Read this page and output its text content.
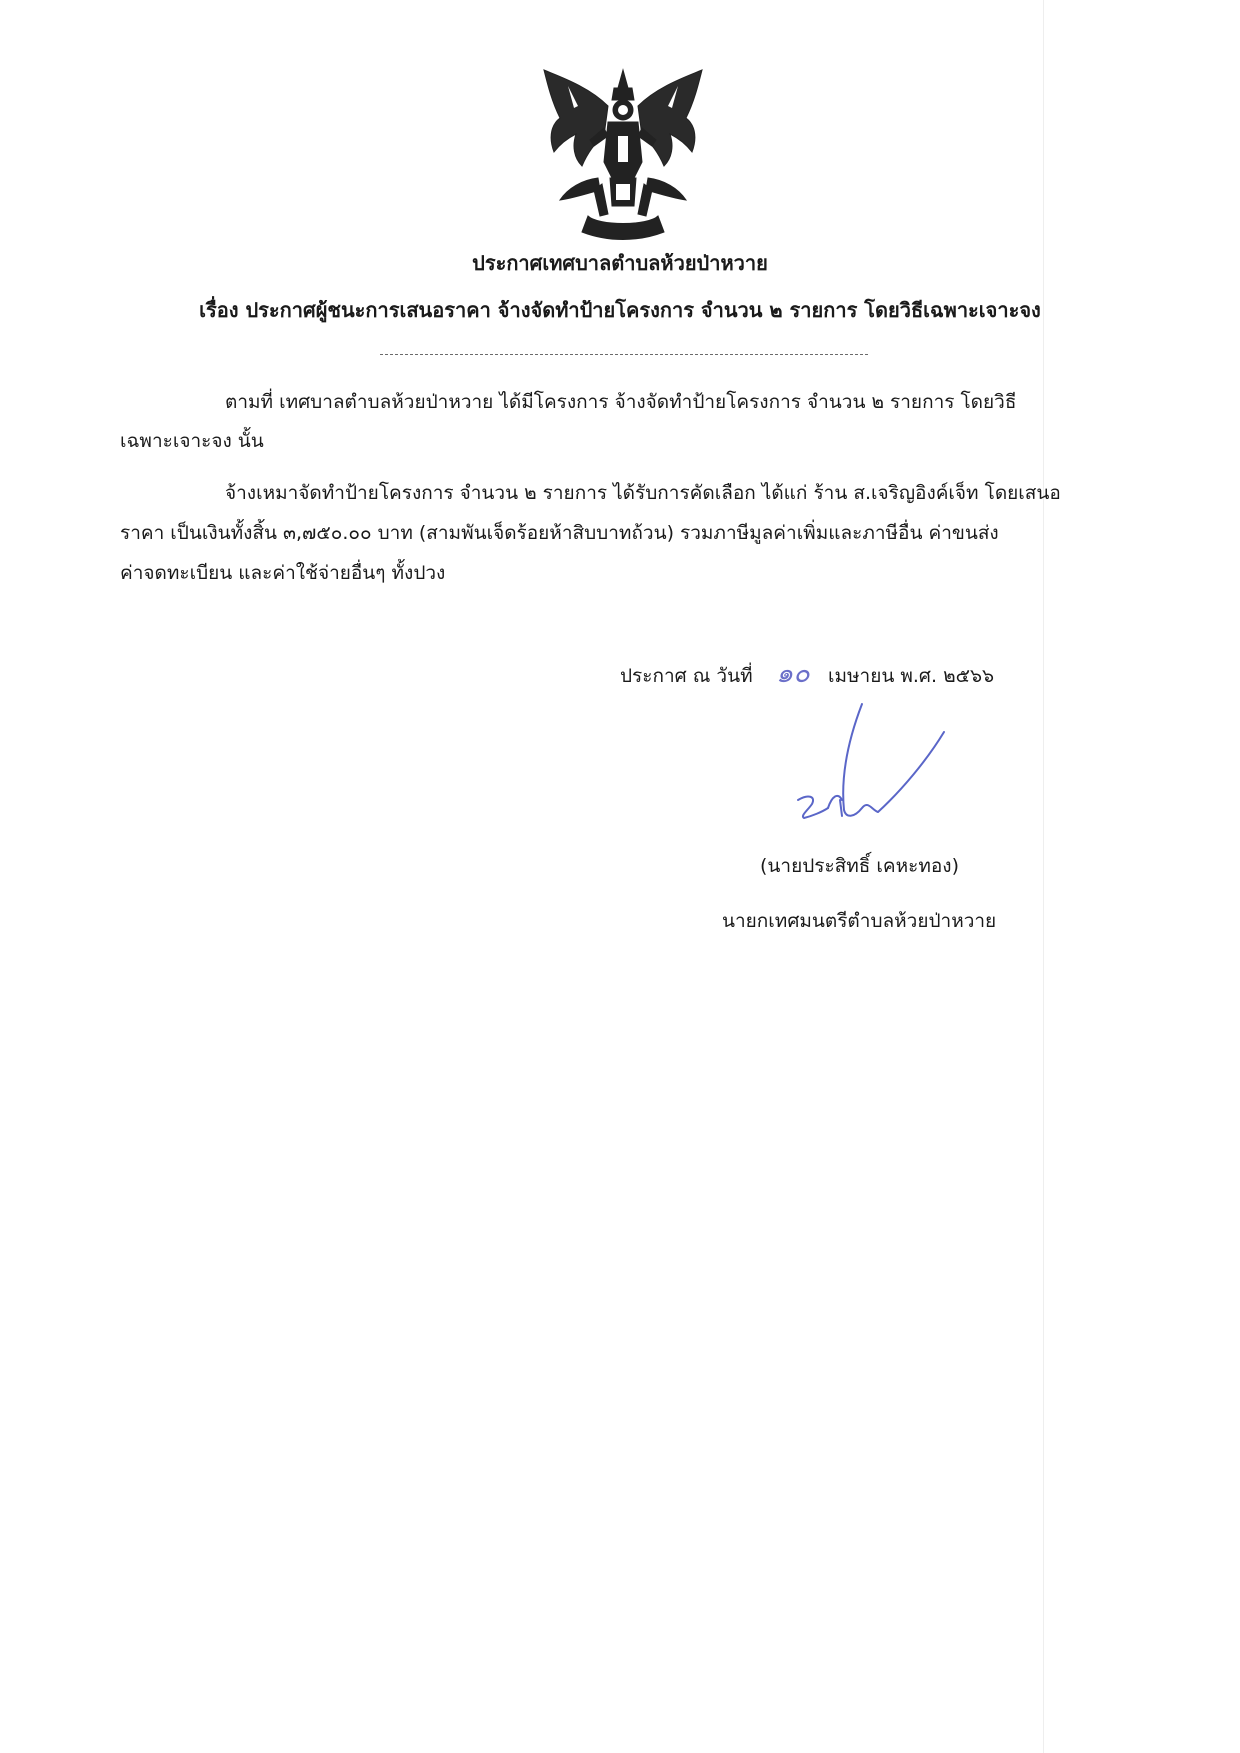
ประกาศเทศบาลตำบลห้วยป่าหวาย
เรื่อง ประกาศผู้ชนะการเสนอราคา จ้างจัดทำป้ายโครงการ จำนวน ๒ รายการ โดยวิธีเฉพาะเจาะจง
ตามที่ เทศบาลตำบลห้วยป่าหวาย ได้มีโครงการ จ้างจัดทำป้ายโครงการ จำนวน ๒ รายการ โดยวิธี
เฉพาะเจาะจง นั้น
จ้างเหมาจัดทำป้ายโครงการ จำนวน ๒ รายการ ได้รับการคัดเลือก ได้แก่ ร้าน ส.เจริญอิงค์เจ็ท โดยเสนอ
ราคา เป็นเงินทั้งสิ้น ๓,๗๕๐.๐๐ บาท (สามพันเจ็ดร้อยห้าสิบบาทถ้วน) รวมภาษีมูลค่าเพิ่มและภาษีอื่น ค่าขนส่ง
ค่าจดทะเบียน และค่าใช้จ่ายอื่นๆ ทั้งปวง
ประกาศ ณ วันที่ ๑๐ เมษายน พ.ศ. ๒๕๖๖
(นายประสิทธิ์ เคหะทอง)
นายกเทศมนตรีตำบลห้วยป่าหวาย
